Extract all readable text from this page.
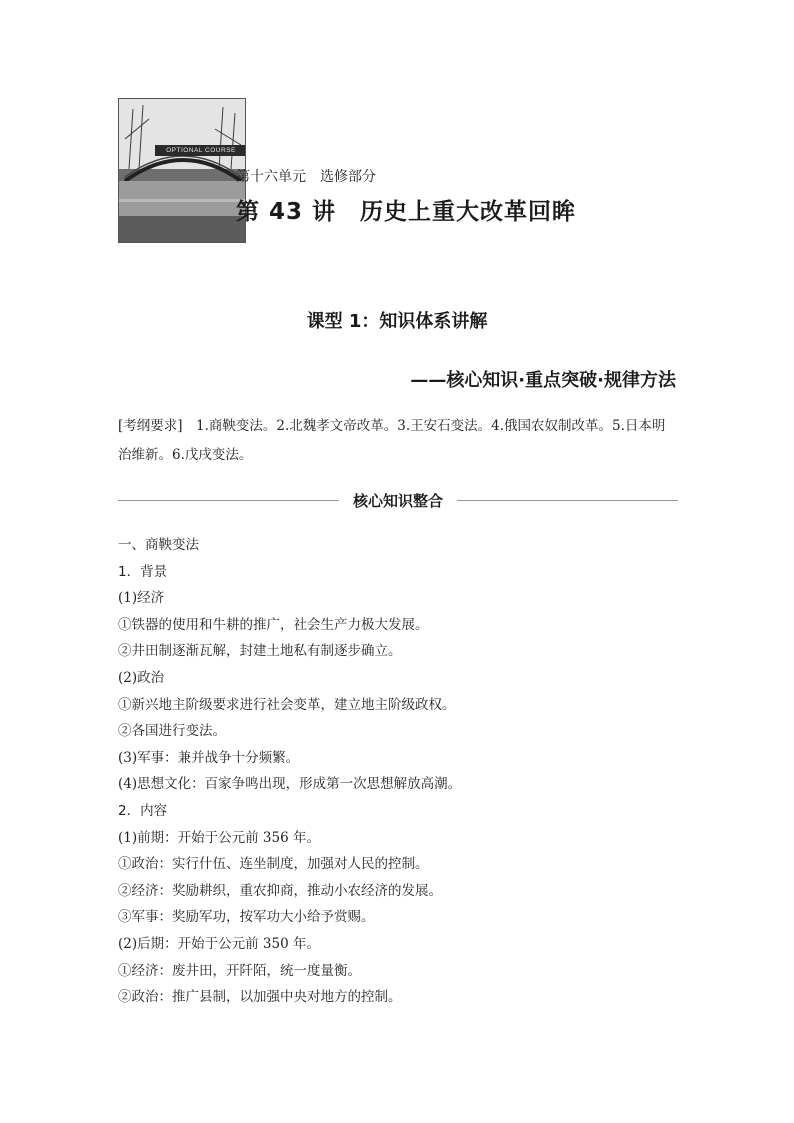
OPTIONAL COURSE
第十六单元　选修部分
第 43 讲　历史上重大改革回眸
课型 1：知识体系讲解
——核心知识·重点突破·规律方法
[考纲要求]　1.商鞅变法。2.北魏孝文帝改革。3.王安石变法。4.俄国农奴制改革。5.日本明治维新。6.戊戌变法。
核心知识整合
一、商鞅变法
1．背景
(1)经济
①铁器的使用和牛耕的推广，社会生产力极大发展。
②井田制逐渐瓦解，封建土地私有制逐步确立。
(2)政治
①新兴地主阶级要求进行社会变革，建立地主阶级政权。
②各国进行变法。
(3)军事：兼并战争十分频繁。
(4)思想文化：百家争鸣出现，形成第一次思想解放高潮。
2．内容
(1)前期：开始于公元前 356 年。
①政治：实行什伍、连坐制度，加强对人民的控制。
②经济：奖励耕织，重农抑商，推动小农经济的发展。
③军事：奖励军功，按军功大小给予赏赐。
(2)后期：开始于公元前 350 年。
①经济：废井田，开阡陌，统一度量衡。
②政治：推广县制，以加强中央对地方的控制。
